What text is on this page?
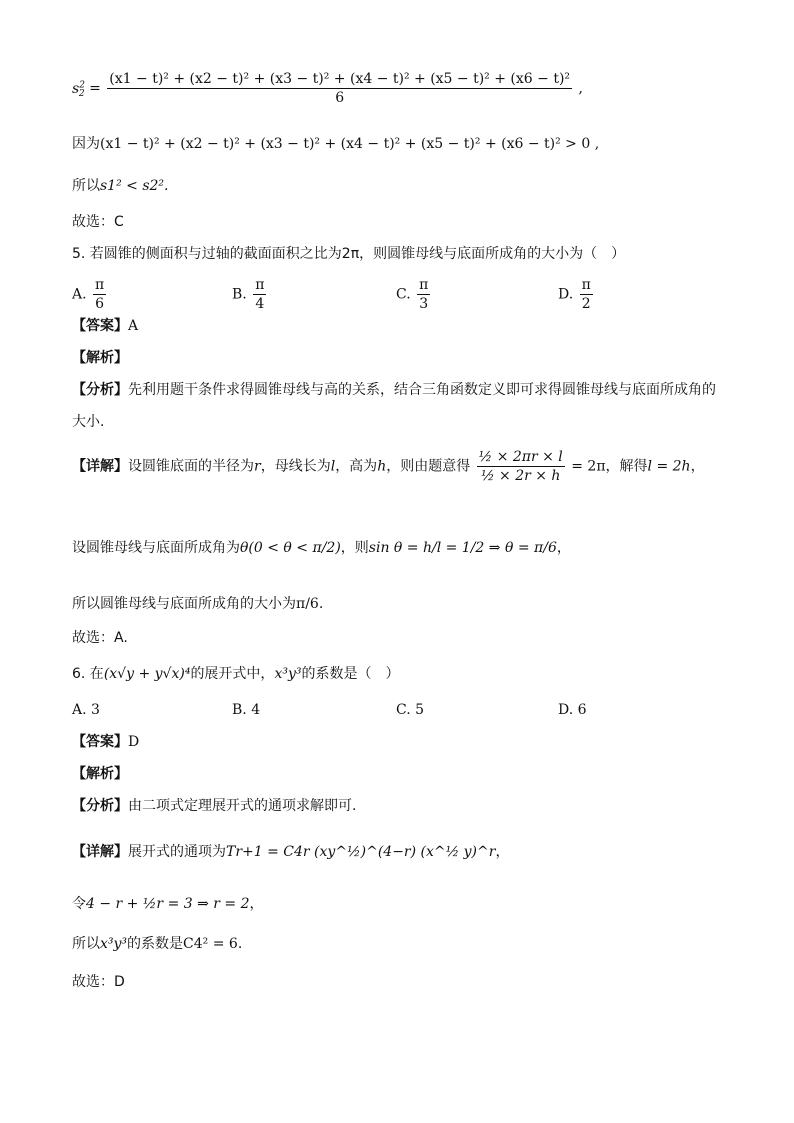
$s^2_2$ =
(x1 − t)² + (x2 − t)² + (x3 − t)² + (x4 − t)² + (x5 − t)² + (x6 − t)²
6
,
因为(x1 − t)² + (x2 − t)² + (x3 − t)² + (x4 − t)² + (x5 − t)² + (x6 − t)² > 0 ,
所以s1² < s2².
故选：C
5. 若圆锥的侧面积与过轴的截面面积之比为2π，则圆锥母线与底面所成角的大小为（　）
A. $\frac{\pi}{6}$	B. $\frac{\pi}{4}$	C. $\frac{\pi}{3}$	D. $\frac{\pi}{2}$
【答案】A
【解析】
【分析】先利用题干条件求得圆锥母线与高的关系，结合三角函数定义即可求得圆锥母线与底面所成角的
大小.
【详解】设圆锥底面的半径为r，母线长为l，高为h，则由题意得 $\frac{\text{½ × 2πr × l}}{\text{½ × 2r × h}} = 2\pi$，解得l = 2h，
设圆锥母线与底面所成角为θ(0 < θ < π/2)，则sin θ = h/l = 1/2 ⇒ θ = π/6，
所以圆锥母线与底面所成角的大小为π/6.
故选：A.
6. 在(x√y + y√x)⁴的展开式中，x³y³的系数是（　）
A. 3	B. 4	C. 5	D. 6
【答案】D
【解析】
【分析】由二项式定理展开式的通项求解即可.
【详解】展开式的通项为Tr+1 = C4r (xy^½)^(4−r) (x^½ y)^r，
令4 − r + ½r = 3 ⇒ r = 2，
所以x³y³的系数是C4² = 6.
故选：D
